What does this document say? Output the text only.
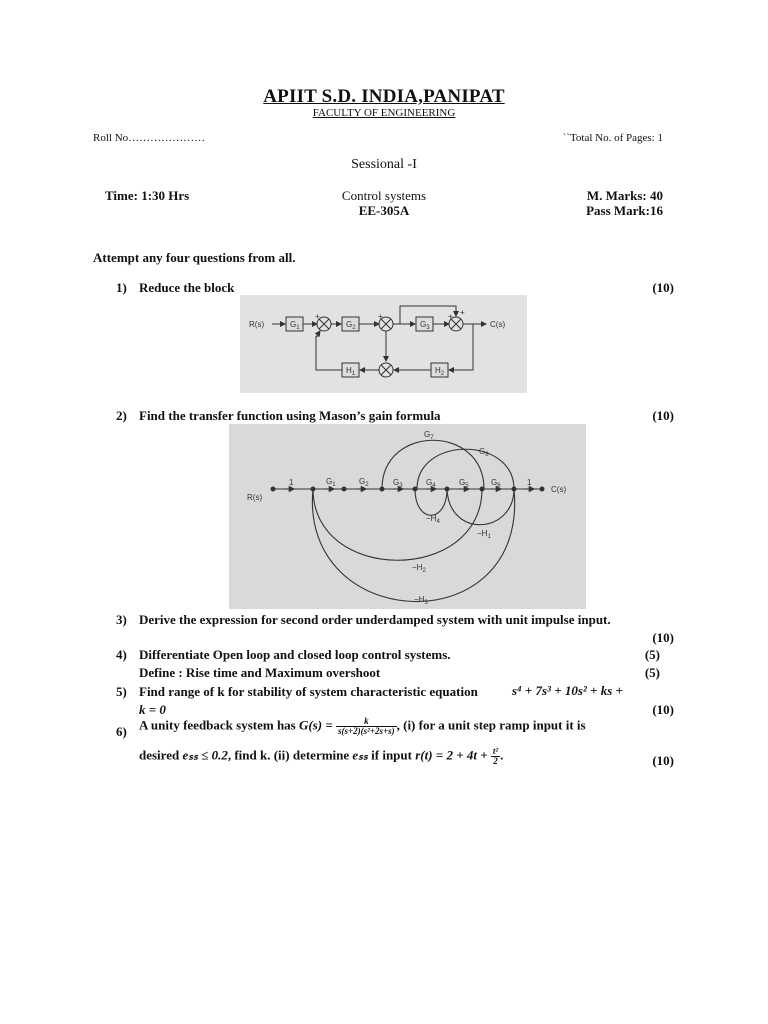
APIIT S.D. INDIA,PANIPAT
FACULTY OF ENGINEERING
Roll No…………………	``Total No. of Pages: 1
Sessional -I
Time: 1:30 Hrs	Control systems
EE-305A
M. Marks: 40
Pass Mark:16
Attempt any four questions from all.
1) Reduce the block	(10)
R(s)	C(s)
$G_1$	$G_2$	$G_3$
$H_1$	$H_2$
+
−
+	+ +
2) Find the transfer function using Mason’s gain formula	(10)
R(s)
C(s)
1	$G_1$	$G_2$	$G_3$	$G_4$	$G_5$	$G_6$	1
$G_7$
$G_8$
$-H_4$
$-H_1$
$-H_2$
$-H_3$
3) Derive the expression for second order underdamped system with unit impulse input.
(10)
4) Differentiate Open loop and closed loop control systems.	(5)
Define : Rise time and Maximum overshoot	(5)
5) Find range of k for stability of system characteristic equation	s⁴ + 7s³ + 10s² + ks +
k = 0	(10)
6) A unity feedback system has $G(s) = \frac{k}{\text{s(s+2)(s²+2s+s)}}$ , (i) for a unit step ramp input it is
desired eₛₛ ≤ 0.2, find k. (ii) determine eₛₛ if input $r(t) = 2 + 4t + \frac{\text{t²}}{2}$ .	(10)
